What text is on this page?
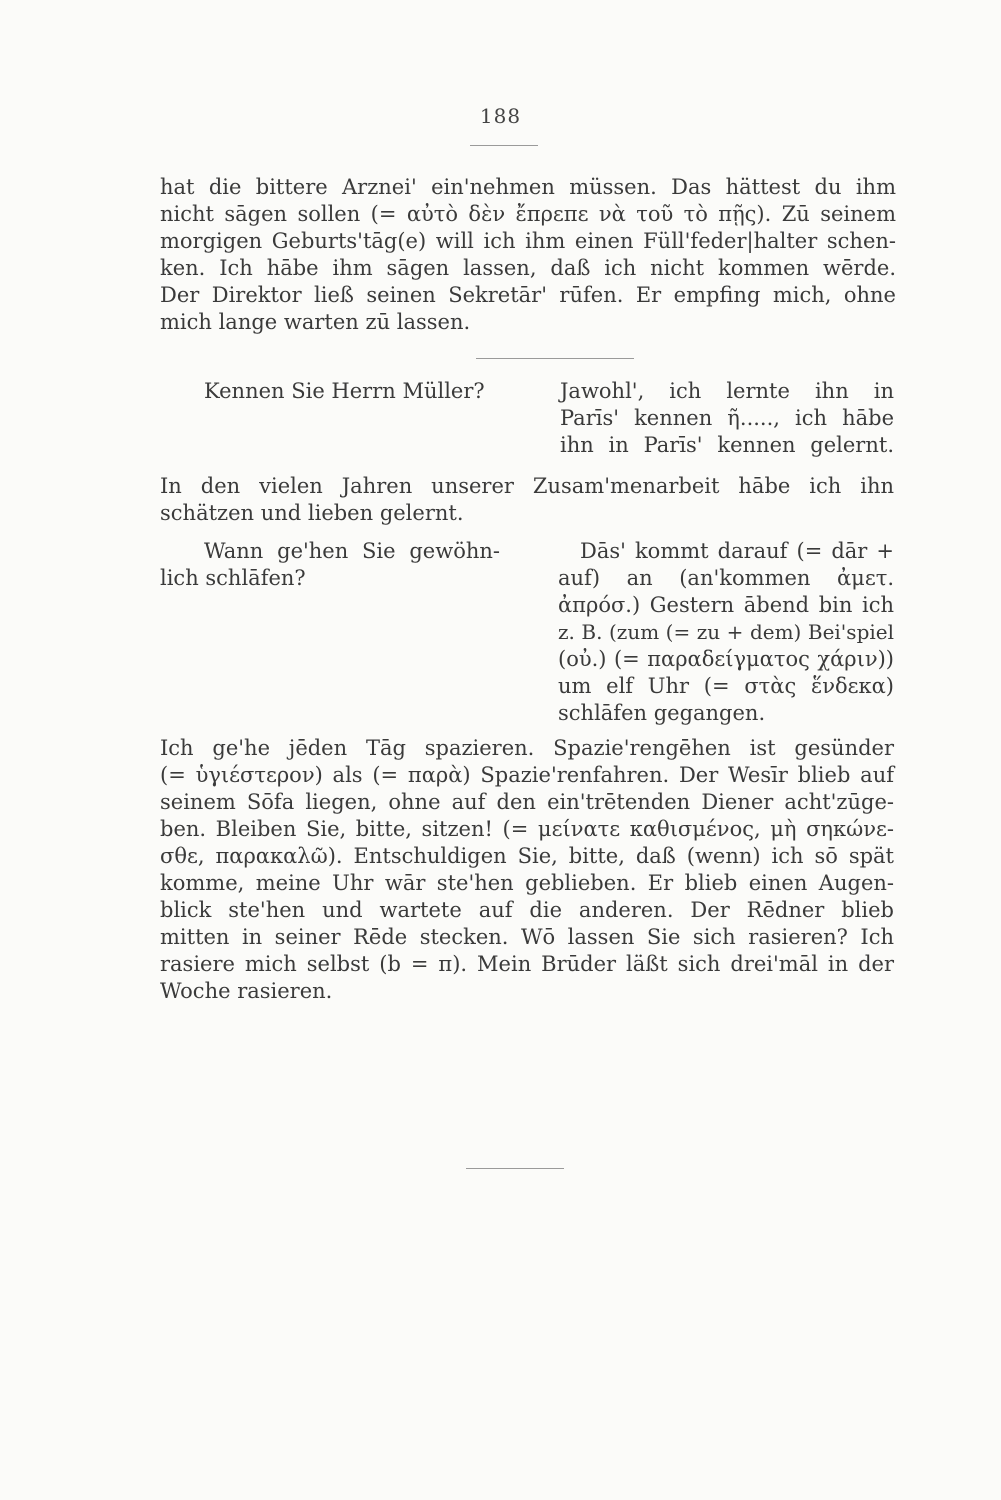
188
hat die bittere Arznei' ein'nehmen müssen. Das hättest du ihm
nicht sāgen sollen (= αὐτὸ δὲν ἔπρεπε νὰ τοῦ τὸ πῇς). Zū seinem
morgigen Geburts'tāg(e) will ich ihm einen Füll'feder|halter schen-
ken. Ich hābe ihm sāgen lassen, daß ich nicht kommen wērde.
Der Direktor ließ seinen Sekretār' rūfen. Er empfing mich, ohne
mich lange warten zū lassen.
Kennen Sie Herrn Müller?	Jawohl', ich lernte ihn in
Parīs' kennen ῆ....., ich hābe
ihn in Parīs' kennen gelernt.
In den vielen Jahren unserer Zusam'menarbeit hābe ich ihn
schätzen und lieben gelernt.
Wann ge'hen Sie gewöhn-
lich schlāfen?
Dās' kommt darauf (= dār +
auf) an (an'kommen ἀμετ.
ἀπρόσ.) Gestern ābend bin ich
z. B. (zum (= zu + dem) Bei'spiel
(οὐ.) (= παραδείγματος χάριν))
um elf Uhr (= στὰς ἕνδεκα)
schlāfen gegangen.
Ich ge'he jēden Tāg spazieren. Spazie'rengēhen ist gesünder
(= ὑγιέστερον) als (= παρὰ) Spazie'renfahren. Der Wesīr blieb auf
seinem Sōfa liegen, ohne auf den ein'trētenden Diener acht'zūge-
ben. Bleiben Sie, bitte, sitzen! (= μείνατε καθισμένος, μὴ σηκώνε-
σθε, παρακαλῶ). Entschuldigen Sie, bitte, daß (wenn) ich sō spät
komme, meine Uhr wār ste'hen geblieben. Er blieb einen Augen-
blick ste'hen und wartete auf die anderen. Der Rēdner blieb
mitten in seiner Rēde stecken. Wō lassen Sie sich rasieren? Ich
rasiere mich selbst (b = π). Mein Brūder läßt sich drei'māl in der
Woche rasieren.
